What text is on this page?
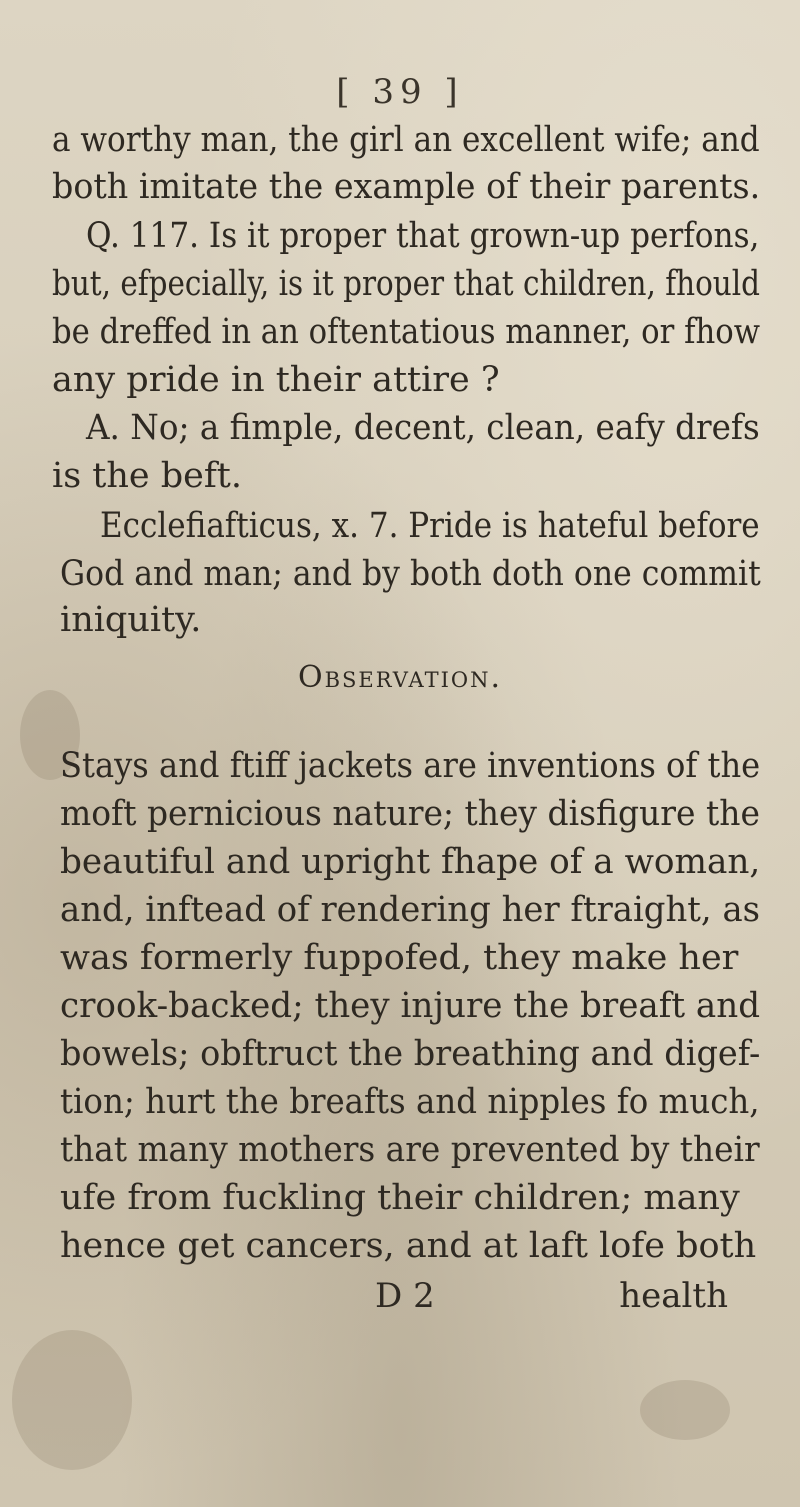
[ 39 ]
a worthy man, the girl an excellent wife; and
both imitate the example of their parents.
Q. 117. Is it proper that grown-up perfons,
but, efpecially, is it proper that children, fhould
be dreffed in an oftentatious manner, or fhow
any pride in their attire ?
A. No; a fimple, decent, clean, eafy drefs
is the beft.
Ecclefiafticus, x. 7. Pride is hateful before
God and man; and by both doth one commit
iniquity.
Observation.
Stays and ftiff jackets are inventions of the
moft pernicious nature; they disfigure the
beautiful and upright fhape of a woman,
and, inftead of rendering her ftraight, as
was formerly fuppofed, they make her
crook-backed; they injure the breaft and
bowels; obftruct the breathing and digef-
tion; hurt the breafts and nipples fo much,
that many mothers are prevented by their
ufe from fuckling their children; many
hence get cancers, and at laft lofe both
D 2	health
